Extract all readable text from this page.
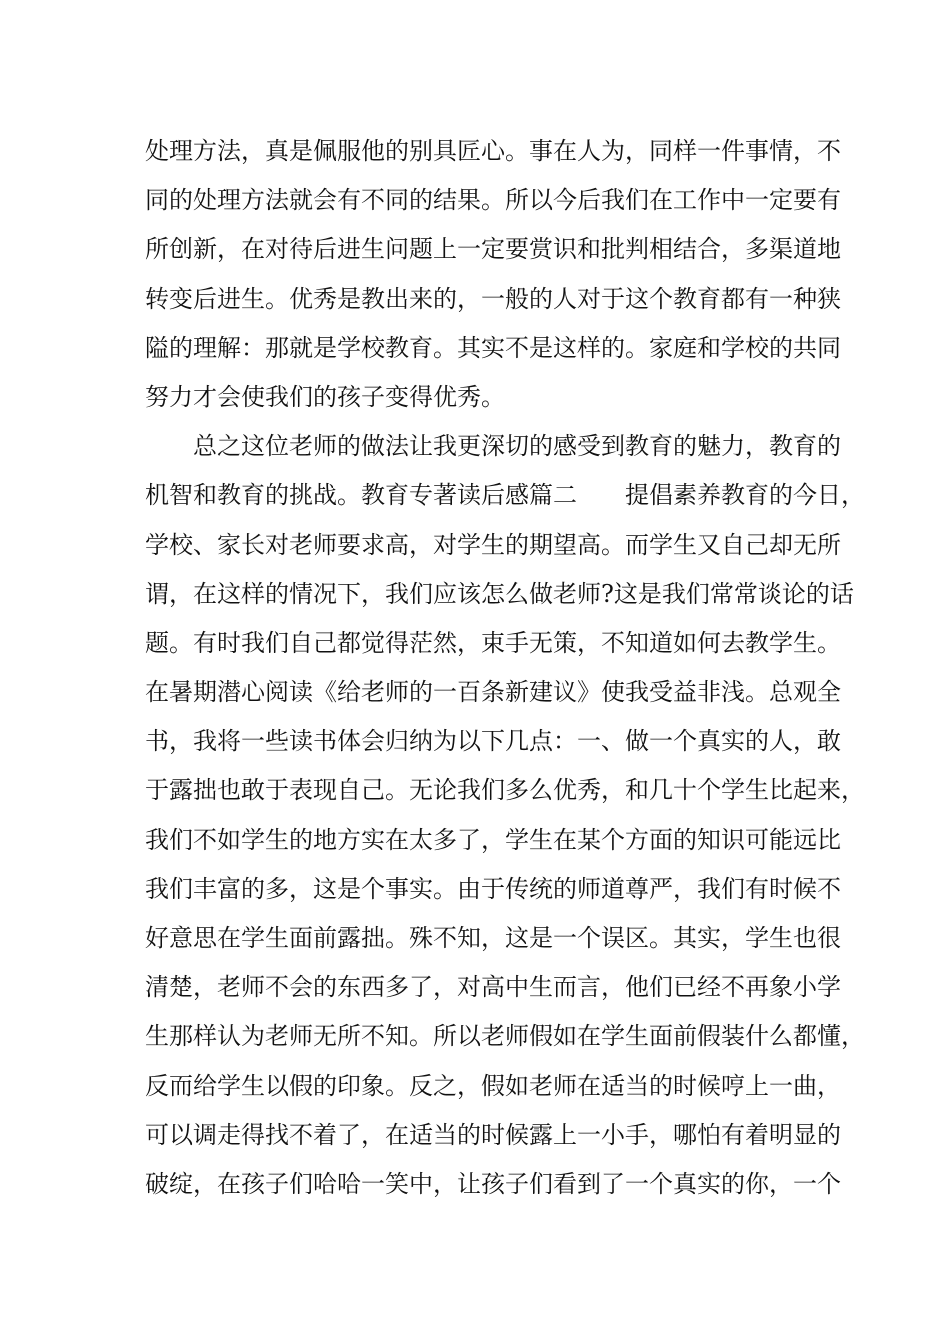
处理方法，真是佩服他的别具匠心。事在人为，同样一件事情，不
同的处理方法就会有不同的结果。所以今后我们在工作中一定要有
所创新，在对待后进生问题上一定要赏识和批判相结合，多渠道地
转变后进生。优秀是教出来的，一般的人对于这个教育都有一种狭
隘的理解：那就是学校教育。其实不是这样的。家庭和学校的共同
努力才会使我们的孩子变得优秀。
总之这位老师的做法让我更深切的感受到教育的魅力，教育的
机智和教育的挑战。教育专著读后感篇二　　提倡素养教育的今日，
学校、家长对老师要求高，对学生的期望高。而学生又自己却无所
谓，在这样的情况下，我们应该怎么做老师?这是我们常常谈论的话
题。有时我们自己都觉得茫然，束手无策，不知道如何去教学生。
在暑期潜心阅读《给老师的一百条新建议》使我受益非浅。总观全
书，我将一些读书体会归纳为以下几点：一、做一个真实的人，敢
于露拙也敢于表现自己。无论我们多么优秀，和几十个学生比起来，
我们不如学生的地方实在太多了，学生在某个方面的知识可能远比
我们丰富的多，这是个事实。由于传统的师道尊严，我们有时候不
好意思在学生面前露拙。殊不知，这是一个误区。其实，学生也很
清楚，老师不会的东西多了，对高中生而言，他们已经不再象小学
生那样认为老师无所不知。所以老师假如在学生面前假装什么都懂，
反而给学生以假的印象。反之，假如老师在适当的时候哼上一曲，
可以调走得找不着了，在适当的时候露上一小手，哪怕有着明显的
破绽，在孩子们哈哈一笑中，让孩子们看到了一个真实的你，一个
